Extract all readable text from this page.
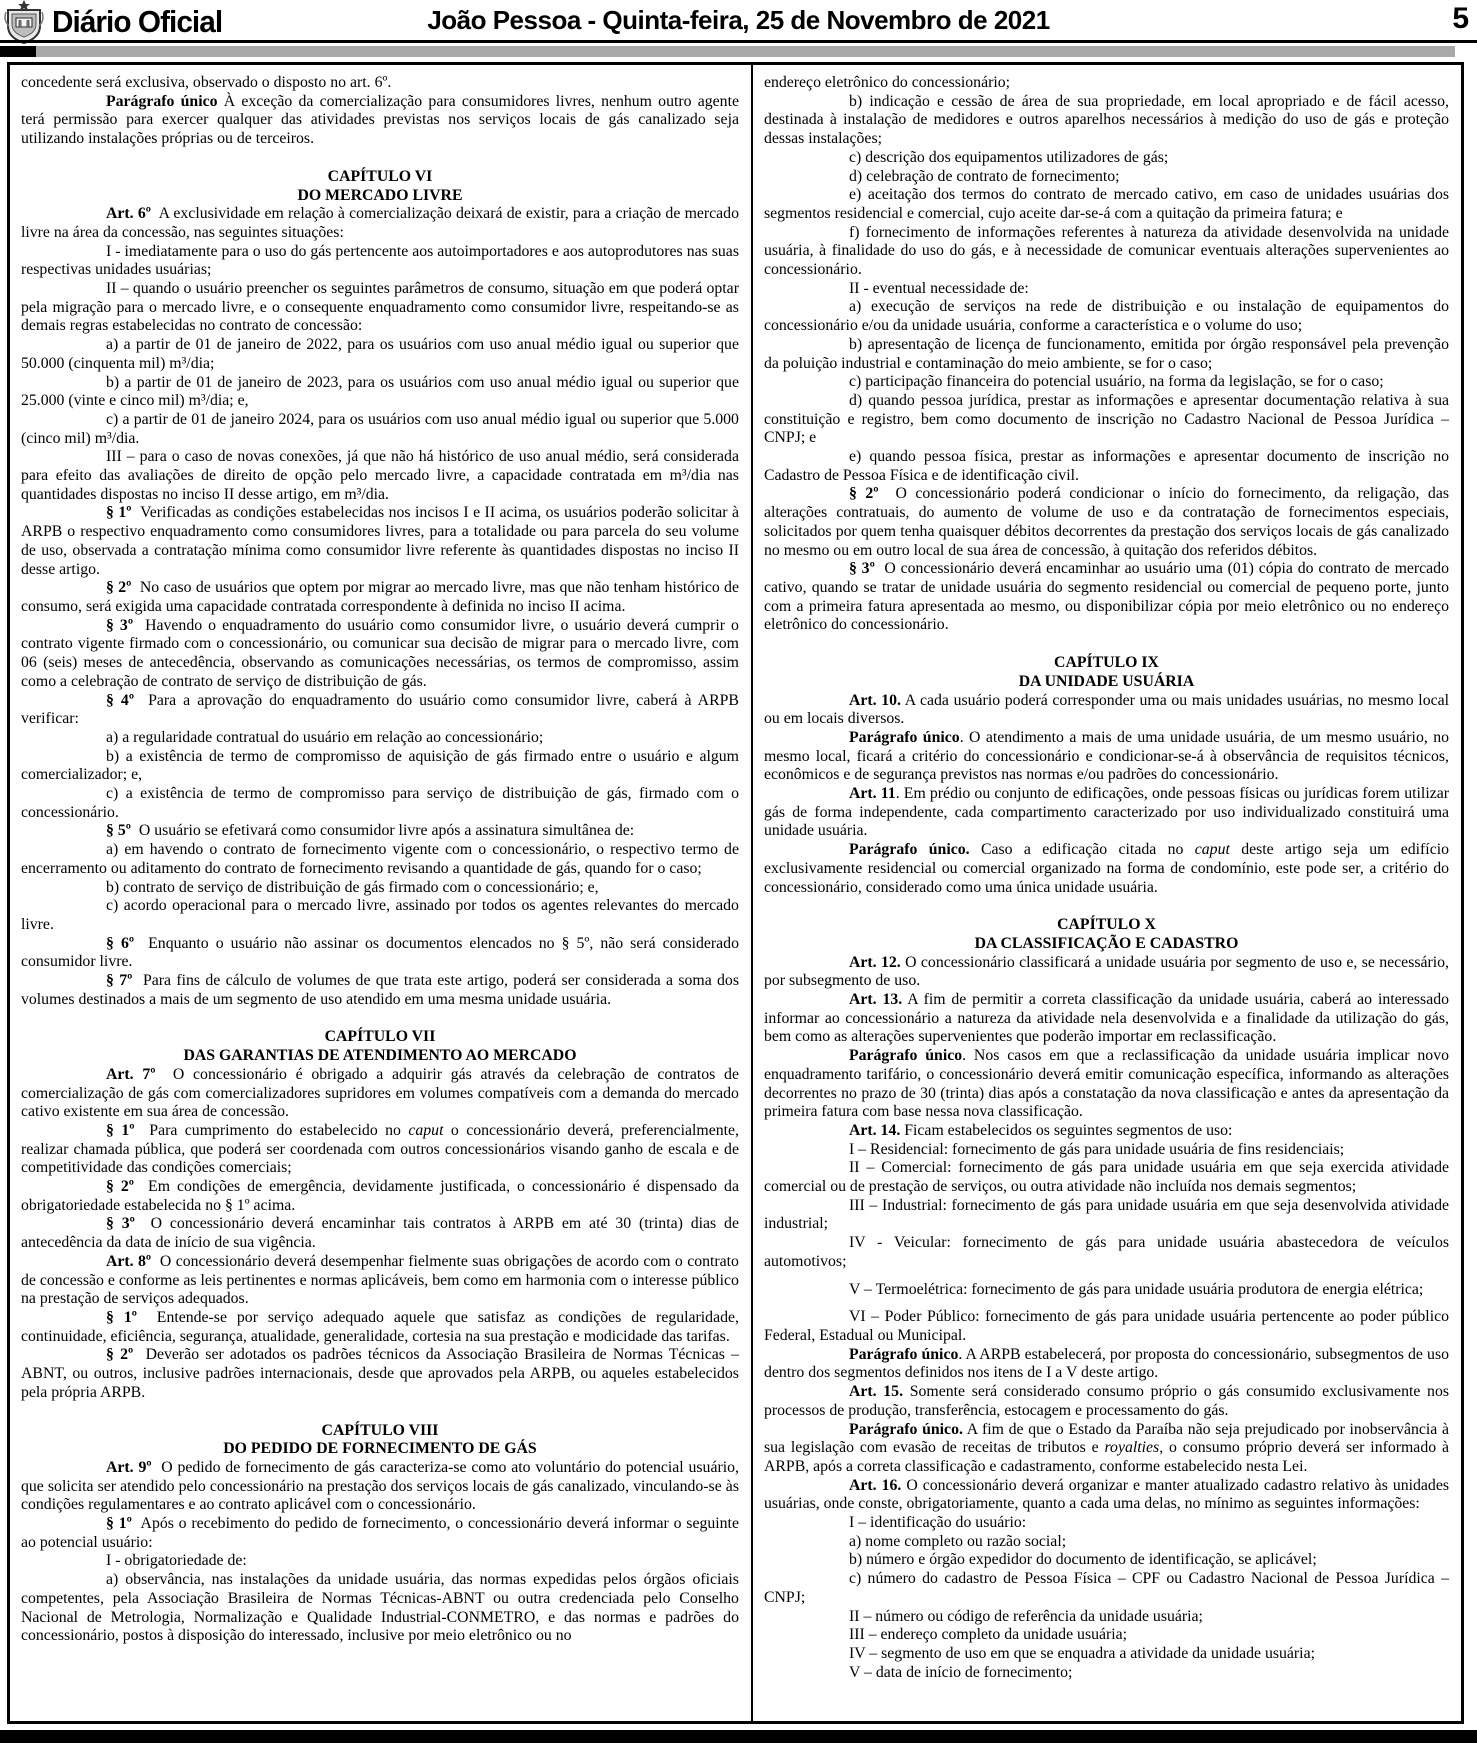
Diário Oficial	João Pessoa - Quinta-feira, 25 de Novembro de 2021	5

concedente será exclusiva, observado o disposto no art. 6º.

Parágrafo único À exceção da comercialização para consumidores livres, nenhum outro agente terá permissão para exercer qualquer das atividades previstas nos serviços locais de gás canalizado seja utilizando instalações próprias ou de terceiros.

CAPÍTULO VI
DO MERCADO LIVRE

Art. 6º  A exclusividade em relação à comercialização deixará de existir, para a criação de mercado livre na área da concessão, nas seguintes situações:

I - imediatamente para o uso do gás pertencente aos autoimportadores e aos autoprodutores nas suas respectivas unidades usuárias;

II – quando o usuário preencher os seguintes parâmetros de consumo, situação em que poderá optar pela migração para o mercado livre, e o consequente enquadramento como consumidor livre, respeitando-se as demais regras estabelecidas no contrato de concessão:

a) a partir de 01 de janeiro de 2022, para os usuários com uso anual médio igual ou superior que 50.000 (cinquenta mil) m³/dia;

b) a partir de 01 de janeiro de 2023, para os usuários com uso anual médio igual ou superior que 25.000 (vinte e cinco mil) m³/dia; e,

c) a partir de 01 de janeiro 2024, para os usuários com uso anual médio igual ou superior que 5.000 (cinco mil) m³/dia.

III – para o caso de novas conexões, já que não há histórico de uso anual médio, será considerada para efeito das avaliações de direito de opção pelo mercado livre, a capacidade contratada em m³/dia nas quantidades dispostas no inciso II desse artigo, em m³/dia.

§ 1º  Verificadas as condições estabelecidas nos incisos I e II acima, os usuários poderão solicitar à ARPB o respectivo enquadramento como consumidores livres, para a totalidade ou para parcela do seu volume de uso, observada a contratação mínima como consumidor livre referente às quantidades dispostas no inciso II desse artigo.

§ 2º  No caso de usuários que optem por migrar ao mercado livre, mas que não tenham histórico de consumo, será exigida uma capacidade contratada correspondente à definida no inciso II acima.

§ 3º  Havendo o enquadramento do usuário como consumidor livre, o usuário deverá cumprir o contrato vigente firmado com o concessionário, ou comunicar sua decisão de migrar para o mercado livre, com 06 (seis) meses de antecedência, observando as comunicações necessárias, os termos de compromisso, assim como a celebração de contrato de serviço de distribuição de gás.

§ 4º  Para a aprovação do enquadramento do usuário como consumidor livre, caberá à ARPB verificar:

a) a regularidade contratual do usuário em relação ao concessionário;

b) a existência de termo de compromisso de aquisição de gás firmado entre o usuário e algum comercializador; e,

c) a existência de termo de compromisso para serviço de distribuição de gás, firmado com o concessionário.

§ 5º  O usuário se efetivará como consumidor livre após a assinatura simultânea de:

a) em havendo o contrato de fornecimento vigente com o concessionário, o respectivo termo de encerramento ou aditamento do contrato de fornecimento revisando a quantidade de gás, quando for o caso;

b) contrato de serviço de distribuição de gás firmado com o concessionário; e,

c) acordo operacional para o mercado livre, assinado por todos os agentes relevantes do mercado livre.

§ 6º  Enquanto o usuário não assinar os documentos elencados no § 5º, não será considerado consumidor livre.

§ 7º  Para fins de cálculo de volumes de que trata este artigo, poderá ser considerada a soma dos volumes destinados a mais de um segmento de uso atendido em uma mesma unidade usuária.

CAPÍTULO VII
DAS GARANTIAS DE ATENDIMENTO AO MERCADO

Art. 7º  O concessionário é obrigado a adquirir gás através da celebração de contratos de comercialização de gás com comercializadores supridores em volumes compatíveis com a demanda do mercado cativo existente em sua área de concessão.

§ 1º  Para cumprimento do estabelecido no caput o concessionário deverá, preferencialmente, realizar chamada pública, que poderá ser coordenada com outros concessionários visando ganho de escala e de competitividade das condições comerciais;

§ 2º  Em condições de emergência, devidamente justificada, o concessionário é dispensado da obrigatoriedade estabelecida no § 1º acima.

§ 3º  O concessionário deverá encaminhar tais contratos à ARPB em até 30 (trinta) dias de antecedência da data de início de sua vigência.

Art. 8º  O concessionário deverá desempenhar fielmente suas obrigações de acordo com o contrato de concessão e conforme as leis pertinentes e normas aplicáveis, bem como em harmonia com o interesse público na prestação de serviços adequados.

§ 1º  Entende-se por serviço adequado aquele que satisfaz as condições de regularidade, continuidade, eficiência, segurança, atualidade, generalidade, cortesia na sua prestação e modicidade das tarifas.

§ 2º  Deverão ser adotados os padrões técnicos da Associação Brasileira de Normas Técnicas – ABNT, ou outros, inclusive padrões internacionais, desde que aprovados pela ARPB, ou aqueles estabelecidos pela própria ARPB.

CAPÍTULO VIII
DO PEDIDO DE FORNECIMENTO DE GÁS

Art. 9º  O pedido de fornecimento de gás caracteriza-se como ato voluntário do potencial usuário, que solicita ser atendido pelo concessionário na prestação dos serviços locais de gás canalizado, vinculando-se às condições regulamentares e ao contrato aplicável com o concessionário.

§ 1º  Após o recebimento do pedido de fornecimento, o concessionário deverá informar o seguinte ao potencial usuário:

I - obrigatoriedade de:

a) observância, nas instalações da unidade usuária, das normas expedidas pelos órgãos oficiais competentes, pela Associação Brasileira de Normas Técnicas-ABNT ou outra credenciada pelo Conselho Nacional de Metrologia, Normalização e Qualidade Industrial-CONMETRO, e das normas e padrões do concessionário, postos à disposição do interessado, inclusive por meio eletrônico ou no

endereço eletrônico do concessionário;

b) indicação e cessão de área de sua propriedade, em local apropriado e de fácil acesso, destinada à instalação de medidores e outros aparelhos necessários à medição do uso de gás e proteção dessas instalações;

c) descrição dos equipamentos utilizadores de gás;

d) celebração de contrato de fornecimento;

e) aceitação dos termos do contrato de mercado cativo, em caso de unidades usuárias dos segmentos residencial e comercial, cujo aceite dar-se-á com a quitação da primeira fatura; e

f) fornecimento de informações referentes à natureza da atividade desenvolvida na unidade usuária, à finalidade do uso do gás, e à necessidade de comunicar eventuais alterações supervenientes ao concessionário.

II - eventual necessidade de:

a) execução de serviços na rede de distribuição e ou instalação de equipamentos do concessionário e/ou da unidade usuária, conforme a característica e o volume do uso;

b) apresentação de licença de funcionamento, emitida por órgão responsável pela prevenção da poluição industrial e contaminação do meio ambiente, se for o caso;

c) participação financeira do potencial usuário, na forma da legislação, se for o caso;

d) quando pessoa jurídica, prestar as informações e apresentar documentação relativa à sua constituição e registro, bem como documento de inscrição no Cadastro Nacional de Pessoa Jurídica – CNPJ; e

e) quando pessoa física, prestar as informações e apresentar documento de inscrição no Cadastro de Pessoa Física e de identificação civil.

§ 2º  O concessionário poderá condicionar o início do fornecimento, da religação, das alterações contratuais, do aumento de volume de uso e da contratação de fornecimentos especiais, solicitados por quem tenha quaisquer débitos decorrentes da prestação dos serviços locais de gás canalizado no mesmo ou em outro local de sua área de concessão, à quitação dos referidos débitos.

§ 3º  O concessionário deverá encaminhar ao usuário uma (01) cópia do contrato de mercado cativo, quando se tratar de unidade usuária do segmento residencial ou comercial de pequeno porte, junto com a primeira fatura apresentada ao mesmo, ou disponibilizar cópia por meio eletrônico ou no endereço eletrônico do concessionário.

CAPÍTULO IX
DA UNIDADE USUÁRIA

Art. 10. A cada usuário poderá corresponder uma ou mais unidades usuárias, no mesmo local ou em locais diversos.

Parágrafo único. O atendimento a mais de uma unidade usuária, de um mesmo usuário, no mesmo local, ficará a critério do concessionário e condicionar-se-á à observância de requisitos técnicos, econômicos e de segurança previstos nas normas e/ou padrões do concessionário.

Art. 11. Em prédio ou conjunto de edificações, onde pessoas físicas ou jurídicas forem utilizar gás de forma independente, cada compartimento caracterizado por uso individualizado constituirá uma unidade usuária.

Parágrafo único. Caso a edificação citada no caput deste artigo seja um edifício exclusivamente residencial ou comercial organizado na forma de condomínio, este pode ser, a critério do concessionário, considerado como uma única unidade usuária.

CAPÍTULO X
DA CLASSIFICAÇÃO E CADASTRO

Art. 12. O concessionário classificará a unidade usuária por segmento de uso e, se necessário, por subsegmento de uso.

Art. 13. A fim de permitir a correta classificação da unidade usuária, caberá ao interessado informar ao concessionário a natureza da atividade nela desenvolvida e a finalidade da utilização do gás, bem como as alterações supervenientes que poderão importar em reclassificação.

Parágrafo único. Nos casos em que a reclassificação da unidade usuária implicar novo enquadramento tarifário, o concessionário deverá emitir comunicação específica, informando as alterações decorrentes no prazo de 30 (trinta) dias após a constatação da nova classificação e antes da apresentação da primeira fatura com base nessa nova classificação.

Art. 14. Ficam estabelecidos os seguintes segmentos de uso:

I – Residencial: fornecimento de gás para unidade usuária de fins residenciais;

II – Comercial: fornecimento de gás para unidade usuária em que seja exercida atividade comercial ou de prestação de serviços, ou outra atividade não incluída nos demais segmentos;

III – Industrial: fornecimento de gás para unidade usuária em que seja desenvolvida atividade industrial;

IV - Veicular: fornecimento de gás para unidade usuária abastecedora de veículos automotivos;

V – Termoelétrica: fornecimento de gás para unidade usuária produtora de energia elétrica;

VI – Poder Público: fornecimento de gás para unidade usuária pertencente ao poder público Federal, Estadual ou Municipal.

Parágrafo único. A ARPB estabelecerá, por proposta do concessionário, subsegmentos de uso dentro dos segmentos definidos nos itens de I a V deste artigo.

Art. 15. Somente será considerado consumo próprio o gás consumido exclusivamente nos processos de produção, transferência, estocagem e processamento do gás.

Parágrafo único. A fim de que o Estado da Paraíba não seja prejudicado por inobservância à sua legislação com evasão de receitas de tributos e royalties, o consumo próprio deverá ser informado à ARPB, após a correta classificação e cadastramento, conforme estabelecido nesta Lei.

Art. 16. O concessionário deverá organizar e manter atualizado cadastro relativo às unidades usuárias, onde conste, obrigatoriamente, quanto a cada uma delas, no mínimo as seguintes informações:

I – identificação do usuário:

a) nome completo ou razão social;

b) número e órgão expedidor do documento de identificação, se aplicável;

c) número do cadastro de Pessoa Física – CPF ou Cadastro Nacional de Pessoa Jurídica – CNPJ;

II – número ou código de referência da unidade usuária;

III – endereço completo da unidade usuária;

IV – segmento de uso em que se enquadra a atividade da unidade usuária;

V – data de início de fornecimento;
